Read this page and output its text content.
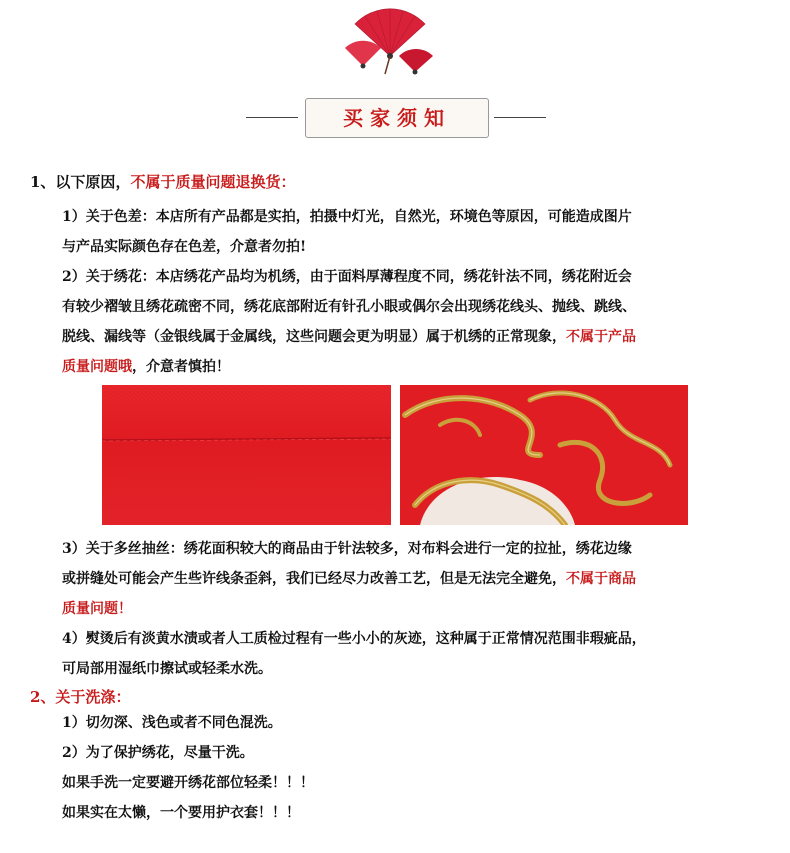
买家须知
1、以下原因，不属于质量问题退换货：
1）关于色差：本店所有产品都是实拍，拍摄中灯光，自然光，环境色等原因，可能造成图片
与产品实际颜色存在色差，介意者勿拍!
2）关于绣花：本店绣花产品均为机绣，由于面料厚薄程度不同，绣花针法不同，绣花附近会
有较少褶皱且绣花疏密不同，绣花底部附近有针孔小眼或偶尔会出现绣花线头、抛线、跳线、
脱线、漏线等（金银线属于金属线，这些问题会更为明显）属于机绣的正常现象，不属于产品
质量问题哦，介意者慎拍！
3）关于多丝抽丝：绣花面积较大的商品由于针法较多，对布料会进行一定的拉扯，绣花边缘
或拼缝处可能会产生些许线条歪斜，我们已经尽力改善工艺，但是无法完全避免，不属于商品
质量问题！
4）熨烫后有淡黄水渍或者人工质检过程有一些小小的灰迹，这种属于正常情况范围非瑕疵品，
可局部用湿纸巾擦试或轻柔水洗。
2、关于洗涤：
1）切勿深、浅色或者不同色混洗。
2）为了保护绣花，尽量干洗。
如果手洗一定要避开绣花部位轻柔！！！
如果实在太懒，一个要用护衣套！！！
